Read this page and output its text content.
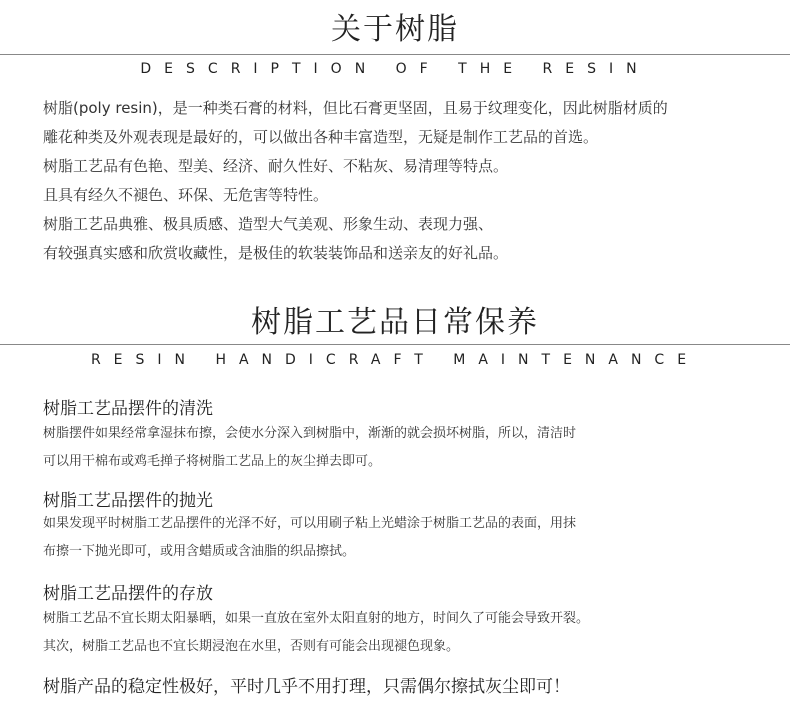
关于树脂
DESCRIPTION OF THE RESIN
树脂(poly resin)，是一种类石膏的材料，但比石膏更坚固，且易于纹理变化，因此树脂材质的
雕花种类及外观表现是最好的，可以做出各种丰富造型，无疑是制作工艺品的首选。
树脂工艺品有色艳、型美、经济、耐久性好、不粘灰、易清理等特点。
且具有经久不褪色、环保、无危害等特性。
树脂工艺品典雅、极具质感、造型大气美观、形象生动、表现力强、
有较强真实感和欣赏收藏性，是极佳的软装装饰品和送亲友的好礼品。
树脂工艺品日常保养
RESIN HANDICRAFT MAINTENANCE
树脂工艺品摆件的清洗
树脂摆件如果经常拿湿抹布擦，会使水分深入到树脂中，渐渐的就会损坏树脂，所以，清洁时
可以用干棉布或鸡毛掸子将树脂工艺品上的灰尘掸去即可。
树脂工艺品摆件的抛光
如果发现平时树脂工艺品摆件的光泽不好，可以用刷子粘上光蜡涂于树脂工艺品的表面，用抹
布擦一下抛光即可，或用含蜡质或含油脂的织品擦拭。
树脂工艺品摆件的存放
树脂工艺品不宜长期太阳暴晒，如果一直放在室外太阳直射的地方，时间久了可能会导致开裂。
其次，树脂工艺品也不宜长期浸泡在水里，否则有可能会出现褪色现象。
树脂产品的稳定性极好，平时几乎不用打理，只需偶尔擦拭灰尘即可！
